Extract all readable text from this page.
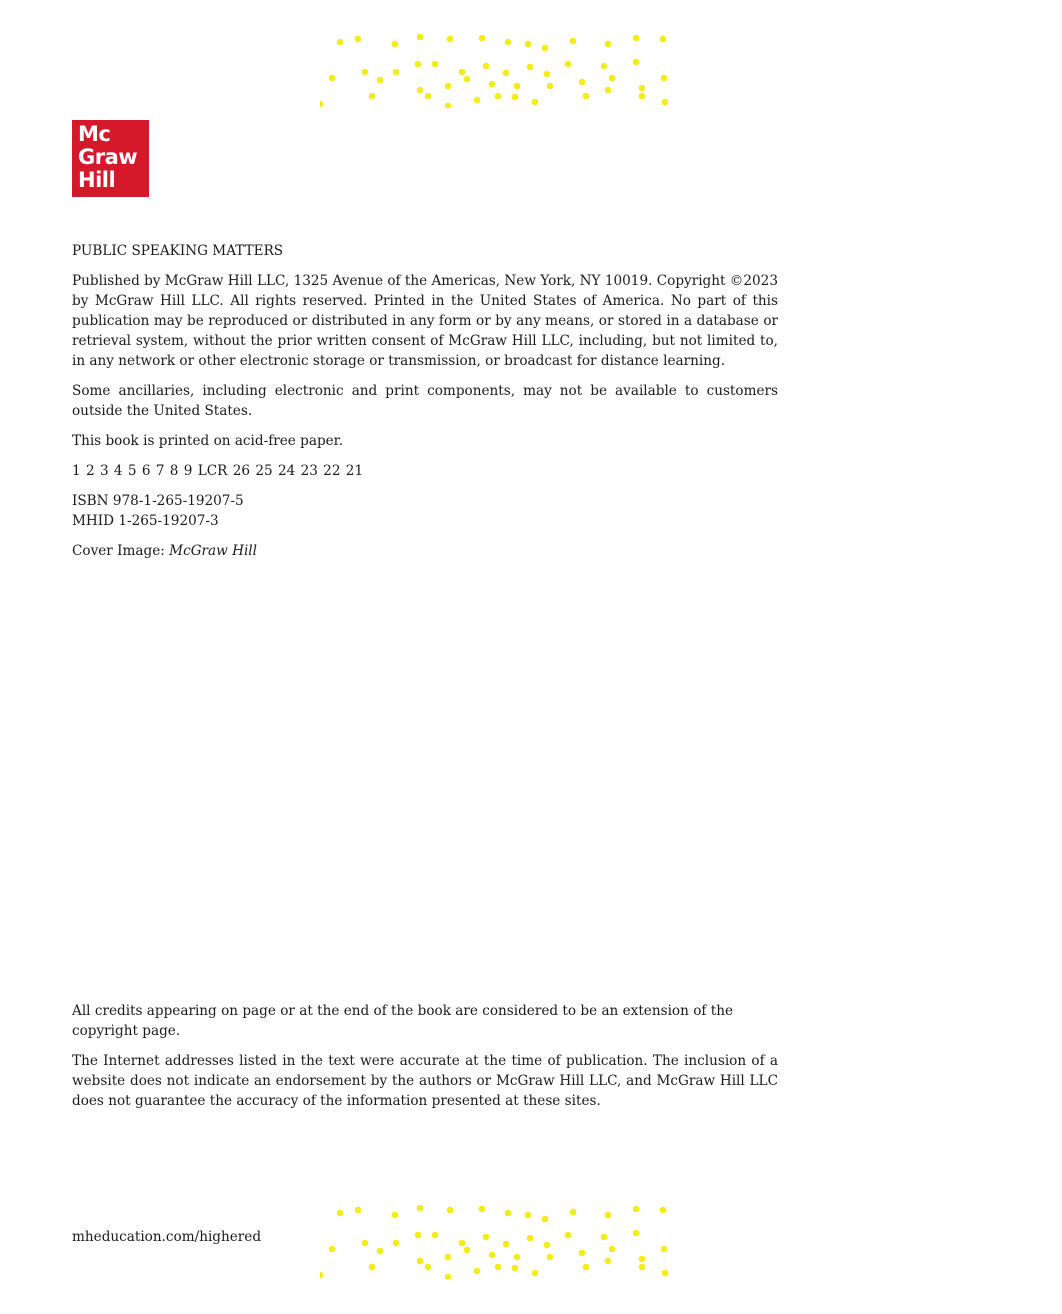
Mc
Graw
Hill

PUBLIC SPEAKING MATTERS

Published by McGraw Hill LLC, 1325 Avenue of the Americas, New York, NY 10019. Copyright ©2023 by McGraw Hill LLC. All rights reserved. Printed in the United States of America. No part of this publication may be reproduced or distributed in any form or by any means, or stored in a database or retrieval system, without the prior written consent of McGraw Hill LLC, including, but not limited to, in any network or other electronic storage or transmission, or broadcast for distance learning.

Some ancillaries, including electronic and print components, may not be available to customers outside the United States.

This book is printed on acid-free paper.

1 2 3 4 5 6 7 8 9 LCR 26 25 24 23 22 21

ISBN 978-1-265-19207-5
MHID 1-265-19207-3

Cover Image: McGraw Hill

All credits appearing on page or at the end of the book are considered to be an extension of the copyright page.

The Internet addresses listed in the text were accurate at the time of publication. The inclusion of a website does not indicate an endorsement by the authors or McGraw Hill LLC, and McGraw Hill LLC does not guarantee the accuracy of the information presented at these sites.

mheducation.com/highered
